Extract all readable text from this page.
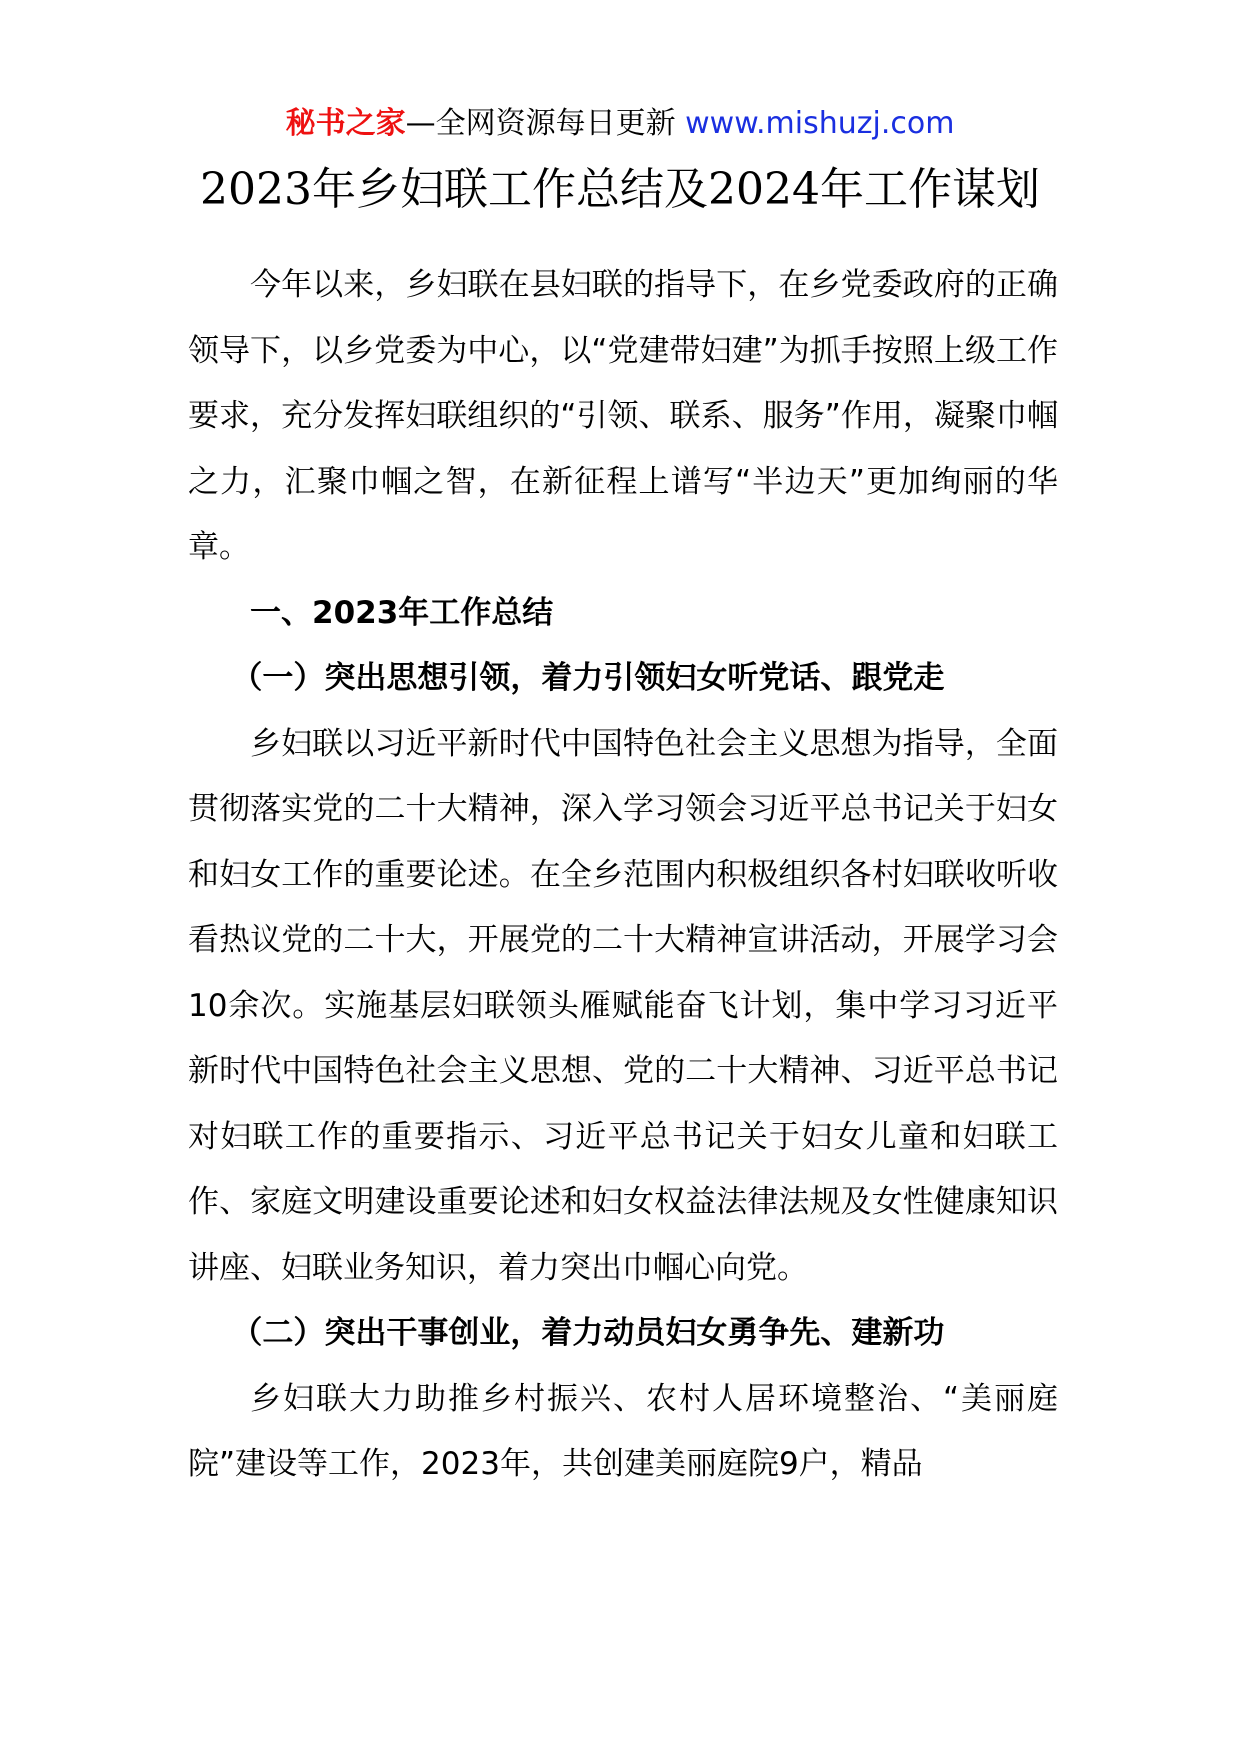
秘书之家—全网资源每日更新 www.mishuzj.com
2023年乡妇联工作总结及2024年工作谋划

今年以来，乡妇联在县妇联的指导下，在乡党委政府的正确领导下，以乡党委为中心，以“党建带妇建”为抓手按照上级工作要求，充分发挥妇联组织的“引领、联系、服务”作用，凝聚巾帼之力，汇聚巾帼之智，在新征程上谱写“半边天”更加绚丽的华章。

一、2023年工作总结

（一）突出思想引领，着力引领妇女听党话、跟党走

乡妇联以习近平新时代中国特色社会主义思想为指导，全面贯彻落实党的二十大精神，深入学习领会习近平总书记关于妇女和妇女工作的重要论述。在全乡范围内积极组织各村妇联收听收看热议党的二十大，开展党的二十大精神宣讲活动，开展学习会10余次。实施基层妇联领头雁赋能奋飞计划，集中学习习近平新时代中国特色社会主义思想、党的二十大精神、习近平总书记对妇联工作的重要指示、习近平总书记关于妇女儿童和妇联工作、家庭文明建设重要论述和妇女权益法律法规及女性健康知识讲座、妇联业务知识，着力突出巾帼心向党。

（二）突出干事创业，着力动员妇女勇争先、建新功

乡妇联大力助推乡村振兴、农村人居环境整治、“美丽庭院”建设等工作，2023年，共创建美丽庭院9户，精品
